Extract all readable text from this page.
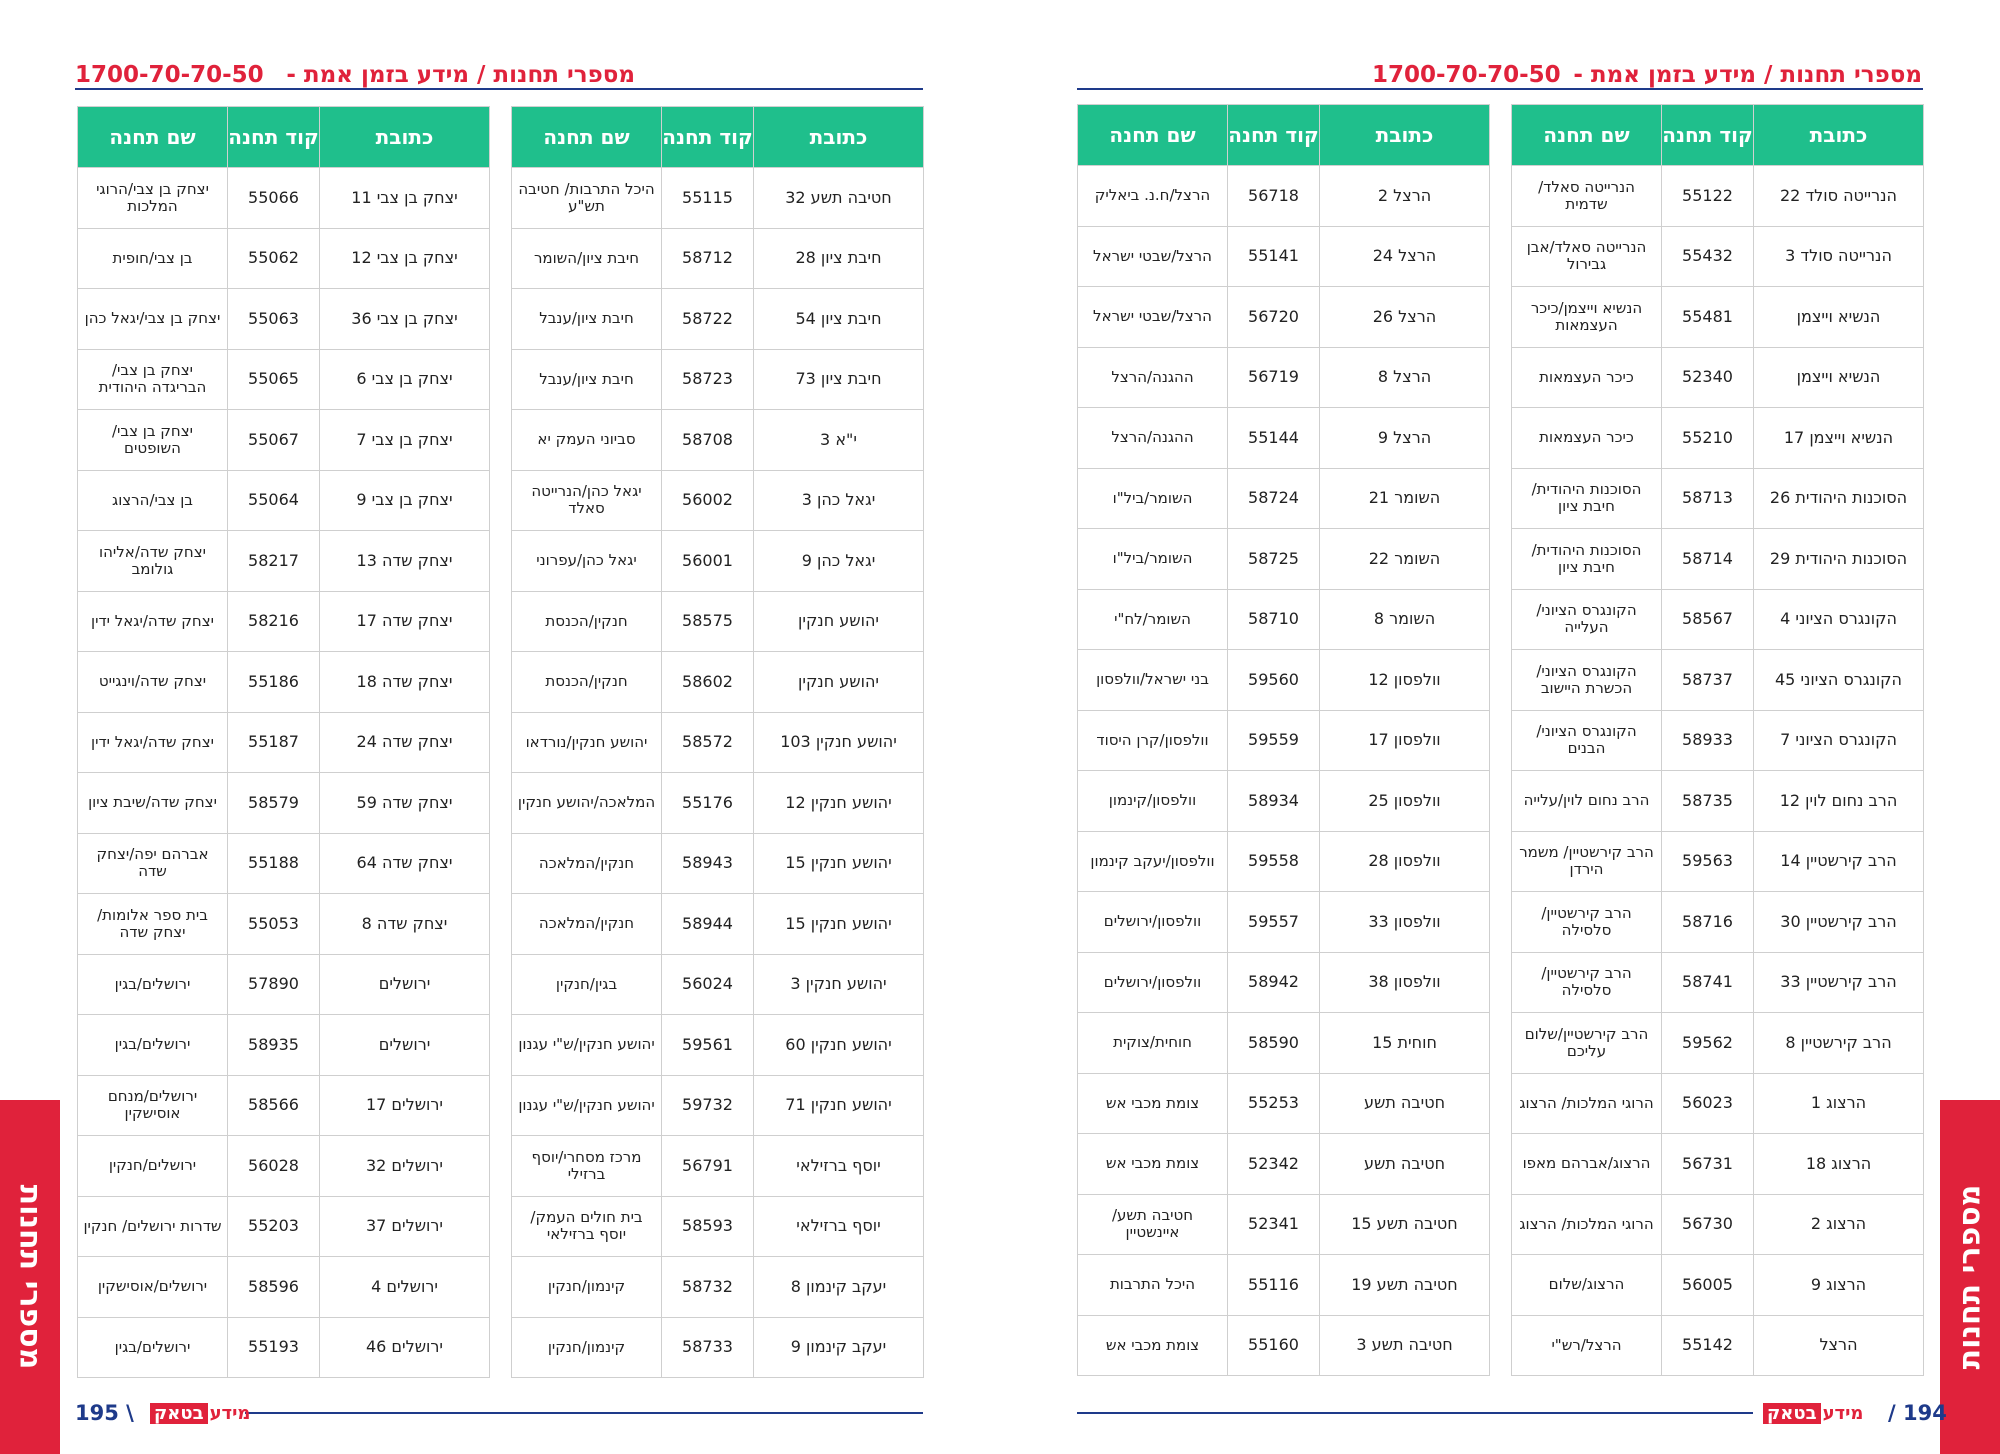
מספרי תחנות / מידע בזמן אמת -
1700-70-70-50	מספרי תחנות / מידע בזמן אמת -
1700-70-70-50
כתובת	קוד תחנה	שם תחנה
יצחק בן צבי 11	55066	יצחק בן צבי/הרוגי המלכות
יצחק בן צבי 12	55062	בן צבי/חופית
יצחק בן צבי 36	55063	יצחק בן צבי/יגאל כהן
יצחק בן צבי 6	55065	יצחק בן צבי/ הבריגדה היהודית
יצחק בן צבי 7	55067	יצחק בן צבי/ השופטים
יצחק בן צבי 9	55064	בן צבי/הרצוג
יצחק שדה 13	58217	יצחק שדה/אליהו גולומב
יצחק שדה 17	58216	יצחק שדה/יגאל ידין
יצחק שדה 18	55186	יצחק שדה/וינגייט
יצחק שדה 24	55187	יצחק שדה/יגאל ידין
יצחק שדה 59	58579	יצחק שדה/שיבת ציון
יצחק שדה 64	55188	אברהם יפה/יצחק שדה
יצחק שדה 8	55053	בית ספר אלומות/ יצחק שדה
ירושלים	57890	ירושלים/בגין
ירושלים	58935	ירושלים/בגין
ירושלים 17	58566	ירושלים/מנחם אוסישקין
ירושלים 32	56028	ירושלים/חנקין
ירושלים 37	55203	שדרות ירושלים/ חנקין
ירושלים 4	58596	ירושלים/אוסישקין
ירושלים 46	55193	ירושלים/בגין
כתובת	קוד תחנה	שם תחנה
חטיבה תשע 32	55115	היכל התרבות/ חטיבה תש"ע
חיבת ציון 28	58712	חיבת ציון/השומר
חיבת ציון 54	58722	חיבת ציון/ענבל
חיבת ציון 73	58723	חיבת ציון/ענבל
י"א 3	58708	סביוני העמק יא
יגאל כהן 3	56002	יגאל כהן/הנרייטה סאלד
יגאל כהן 9	56001	יגאל כהן/עפרוני
יהושע חנקין	58575	חנקין/הכנסת
יהושע חנקין	58602	חנקין/הכנסת
יהושע חנקין 103	58572	יהושע חנקין/נורדאו
יהושע חנקין 12	55176	המלאכה/יהושע חנקין
יהושע חנקין 15	58943	חנקין/המלאכה
יהושע חנקין 15	58944	חנקין/המלאכה
יהושע חנקין 3	56024	בגין/חנקין
יהושע חנקין 60	59561	יהושע חנקין/ש"י עגנון
יהושע חנקין 71	59732	יהושע חנקין/ש"י עגנון
יוסף ברזילאי	56791	מרכז מסחרי/יוסף ברזילי
יוסף ברזילאי	58593	בית חולים העמק/ יוסף ברזילאי
יעקב קינמון 8	58732	קינמון/חנקין
יעקב קינמון 9	58733	קינמון/חנקין
כתובת	קוד תחנה	שם תחנה
הרצל 2	56718	הרצל/ח.נ. ביאליק
הרצל 24	55141	הרצל/שבטי ישראל
הרצל 26	56720	הרצל/שבטי ישראל
הרצל 8	56719	ההגנה/הרצל
הרצל 9	55144	ההגנה/הרצל
השומר 21	58724	השומר/ביל"ו
השומר 22	58725	השומר/ביל"ו
השומר 8	58710	השומר/לח"י
וולפסון 12	59560	בני ישראל/וולפסון
וולפסון 17	59559	וולפסון/קרן היסוד
וולפסון 25	58934	וולפסון/קינמון
וולפסון 28	59558	וולפסון/יעקב קינמון
וולפסון 33	59557	וולפסון/ירושלים
וולפסון 38	58942	וולפסון/ירושלים
חוחית 15	58590	חוחית/צוקית
חטיבה תשע	55253	צומת מכבי אש
חטיבה תשע	52342	צומת מכבי אש
חטיבה תשע 15	52341	חטיבה תשע/ איינשטיין
חטיבה תשע 19	55116	היכל התרבות
חטיבה תשע 3	55160	צומת מכבי אש
כתובת	קוד תחנה	שם תחנה
הנרייטה סולד 22	55122	הנרייטה סאלד/ שדמית
הנרייטה סולד 3	55432	הנרייטה סאלד/אבן גבירול
הנשיא וייצמן	55481	הנשיא וייצמן/כיכר העצמאות
הנשיא וייצמן	52340	כיכר העצמאות
הנשיא וייצמן 17	55210	כיכר העצמאות
הסוכנות היהודית 26	58713	הסוכנות היהודית/ חיבת ציון
הסוכנות היהודית 29	58714	הסוכנות היהודית/ חיבת ציון
הקונגרס הציוני 4	58567	הקונגרס הציוני/ העלייה
הקונגרס הציוני 45	58737	הקונגרס הציוני/ הכשרת היישוב
הקונגרס הציוני 7	58933	הקונגרס הציוני/ הבנים
הרב נחום לוין 12	58735	הרב נחום לוין/עלייה
הרב קירשטיין 14	59563	הרב קירשטיין/ משמר הירדן
הרב קירשטיין 30	58716	הרב קירשטיין/ סלסילה
הרב קירשטיין 33	58741	הרב קירשטיין/ סלסילה
הרב קירשטיין 8	59562	הרב קירשטיין/שלום עליכם
הרצוג 1	56023	הרוגי המלכות/ הרצוג
הרצוג 18	56731	הרצוג/אברהם מאפו
הרצוג 2	56730	הרוגי המלכות/ הרצוג
הרצוג 9	56005	הרצוג/שלום
הרצל	55142	הרצל/רש"י
מספרי תחנות	מספרי תחנות
מידע
בטאק	מידע
בטאק
195 \	/ 194
